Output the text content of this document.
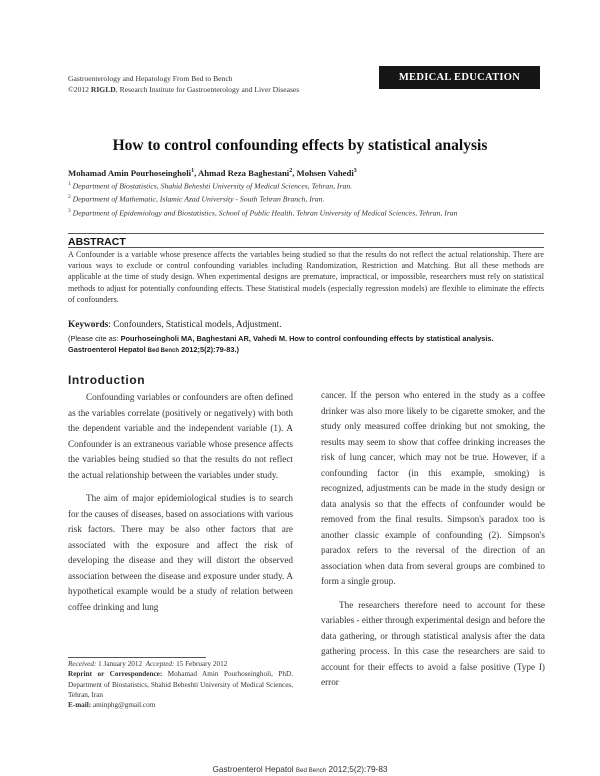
Gastroenterology and Hepatology From Bed to Bench
©2012 RIGLD, Research Institute for Gastroenterology and Liver Diseases
MEDICAL EDUCATION
How to control confounding effects by statistical analysis
Mohamad Amin Pourhoseingholi$^1$, Ahmad Reza Baghestani$^2$, Mohsen Vahedi$^3$
$^1$ Department of Biostatistics, Shahid Beheshti University of Medical Sciences, Tehran, Iran.
$^2$ Department of Mathematic, Islamic Azad University - South Tehran Branch, Iran.
$^3$ Department of Epidemiology and Biostatistics, School of Public Health, Tehran University of Medical Sciences, Tehran, Iran
ABSTRACT
A Confounder is a variable whose presence affects the variables being studied so that the results do not reflect the actual relationship. There are various ways to exclude or control confounding variables including Randomization, Restriction and Matching. But all these methods are applicable at the time of study design. When experimental designs are premature, impractical, or impossible, researchers must rely on statistical methods to adjust for potentially confounding effects. These Statistical models (especially regression models) are flexible to eliminate the effects of confounders.
Keywords: Confounders, Statistical models, Adjustment.
(Please cite as: Pourhoseingholi MA, Baghestani AR, Vahedi M. How to control confounding effects by statistical analysis. Gastroenterol Hepatol Bed Bench 2012;5(2):79-83.)
Introduction

Confounding variables or confounders are often defined as the variables correlate (positively or negatively) with both the dependent variable and the independent variable (1). A Confounder is an extraneous variable whose presence affects the variables being studied so that the results do not reflect the actual relationship between the variables under study.

The aim of major epidemiological studies is to search for the causes of diseases, based on associations with various risk factors. There may be also other factors that are associated with the exposure and affect the risk of developing the disease and they will distort the observed association between the disease and exposure under study. A hypothetical example would be a study of relation between coffee drinking and lung

cancer. If the person who entered in the study as a coffee drinker was also more likely to be cigarette smoker, and the study only measured coffee drinking but not smoking, the results may seem to show that coffee drinking increases the risk of lung cancer, which may not be true. However, if a confounding factor (in this example, smoking) is recognized, adjustments can be made in the study design or data analysis so that the effects of confounder would be removed from the final results. Simpson's paradox too is another classic example of confounding (2). Simpson's paradox refers to the reversal of the direction of an association when data from several groups are combined to form a single group.

The researchers therefore need to account for these variables - either through experimental design and before the data gathering, or through statistical analysis after the data gathering process. In this case the researchers are said to account for their effects to avoid a false positive (Type I) error

Received: 1 January 2012 Accepted: 15 February 2012
Reprint or Correspondence: Mohamad Amin Pourhoseingholi, PhD. Department of Biostatistics, Shahid Beheshti University of Medical Sciences, Tehran, Iran
E-mail: aminphg@gmail.com
Gastroenterol Hepatol Bed Bench 2012;5(2):79-83
